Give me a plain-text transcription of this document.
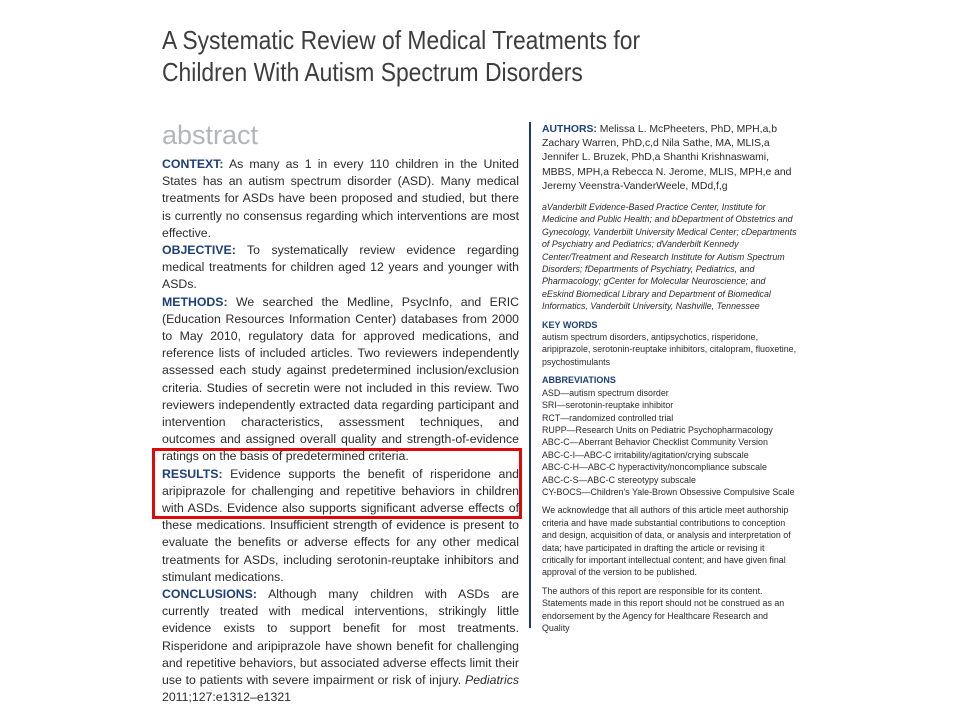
A Systematic Review of Medical Treatments for
Children With Autism Spectrum Disorders
abstract

CONTEXT: As many as 1 in every 110 children in the United States has an autism spectrum disorder (ASD). Many medical treatments for ASDs have been proposed and studied, but there is currently no consensus regarding which interventions are most effective.

OBJECTIVE: To systematically review evidence regarding medical treatments for children aged 12 years and younger with ASDs.

METHODS: We searched the Medline, PsycInfo, and ERIC (Education Resources Information Center) databases from 2000 to May 2010, regulatory data for approved medications, and reference lists of included articles. Two reviewers independently assessed each study against predetermined inclusion/exclusion criteria. Studies of secretin were not included in this review. Two reviewers independently extracted data regarding participant and intervention characteristics, assessment techniques, and outcomes and assigned overall quality and strength-of-evidence ratings on the basis of predetermined criteria.

RESULTS: Evidence supports the benefit of risperidone and aripiprazole for challenging and repetitive behaviors in children with ASDs. Evidence also supports significant adverse effects of these medications. Insufficient strength of evidence is present to evaluate the benefits or adverse effects for any other medical treatments for ASDs, including serotonin-reuptake inhibitors and stimulant medications.

CONCLUSIONS: Although many children with ASDs are currently treated with medical interventions, strikingly little evidence exists to support benefit for most treatments. Risperidone and aripiprazole have shown benefit for challenging and repetitive behaviors, but associated adverse effects limit their use to patients with severe impairment or risk of injury. Pediatrics 2011;127:e1312–e1321

AUTHORS: Melissa L. McPheeters, PhD, MPH,a,b Zachary Warren, PhD,c,d Nila Sathe, MA, MLIS,a Jennifer L. Bruzek, PhD,a Shanthi Krishnaswami, MBBS, MPH,a Rebecca N. Jerome, MLIS, MPH,e and Jeremy Veenstra-VanderWeele, MDd,f,g

aVanderbilt Evidence-Based Practice Center, Institute for Medicine and Public Health; and bDepartment of Obstetrics and Gynecology, Vanderbilt University Medical Center; cDepartments of Psychiatry and Pediatrics; dVanderbilt Kennedy Center/Treatment and Research Institute for Autism Spectrum Disorders; fDepartments of Psychiatry, Pediatrics, and Pharmacology; gCenter for Molecular Neuroscience; and eEskind Biomedical Library and Department of Biomedical Informatics, Vanderbilt University, Nashville, Tennessee

KEY WORDS

autism spectrum disorders, antipsychotics, risperidone, aripiprazole, serotonin-reuptake inhibitors, citalopram, fluoxetine, psychostimulants

ABBREVIATIONS

ASD—autism spectrum disorder

SRI—serotonin-reuptake inhibitor

RCT—randomized controlled trial

RUPP—Research Units on Pediatric Psychopharmacology

ABC-C—Aberrant Behavior Checklist Community Version

ABC-C-I—ABC-C irritability/agitation/crying subscale

ABC-C-H—ABC-C hyperactivity/noncompliance subscale

ABC-C-S—ABC-C stereotypy subscale

CY-BOCS—Children's Yale-Brown Obsessive Compulsive Scale

We acknowledge that all authors of this article meet authorship criteria and have made substantial contributions to conception and design, acquisition of data, or analysis and interpretation of data; have participated in drafting the article or revising it critically for important intellectual content; and have given final approval of the version to be published.

The authors of this report are responsible for its content. Statements made in this report should not be construed as an endorsement by the Agency for Healthcare Research and Quality
